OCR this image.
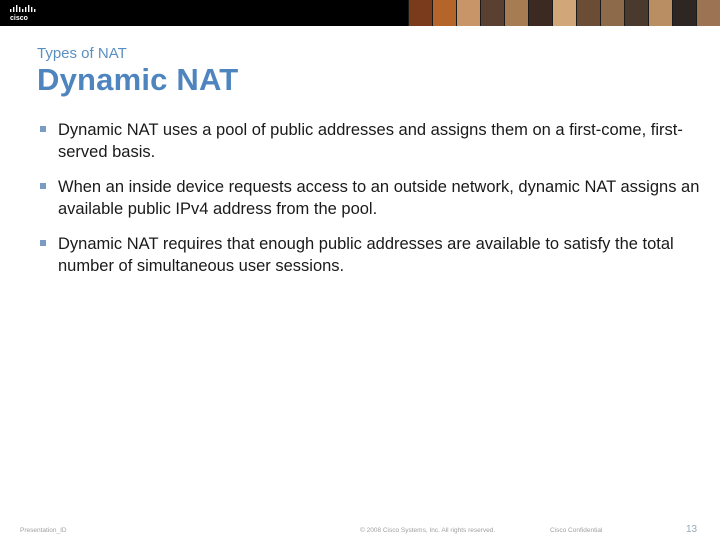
cisco
Types of NAT
Dynamic NAT
Dynamic NAT uses a pool of public addresses and assigns them on a first-come, first-served basis.
When an inside device requests access to an outside network, dynamic NAT assigns an available public IPv4 address from the pool.
Dynamic NAT requires that enough public addresses are available to satisfy the total number of simultaneous user sessions.
Presentation_ID	© 2008 Cisco Systems, Inc. All rights reserved.	Cisco Confidential	13
